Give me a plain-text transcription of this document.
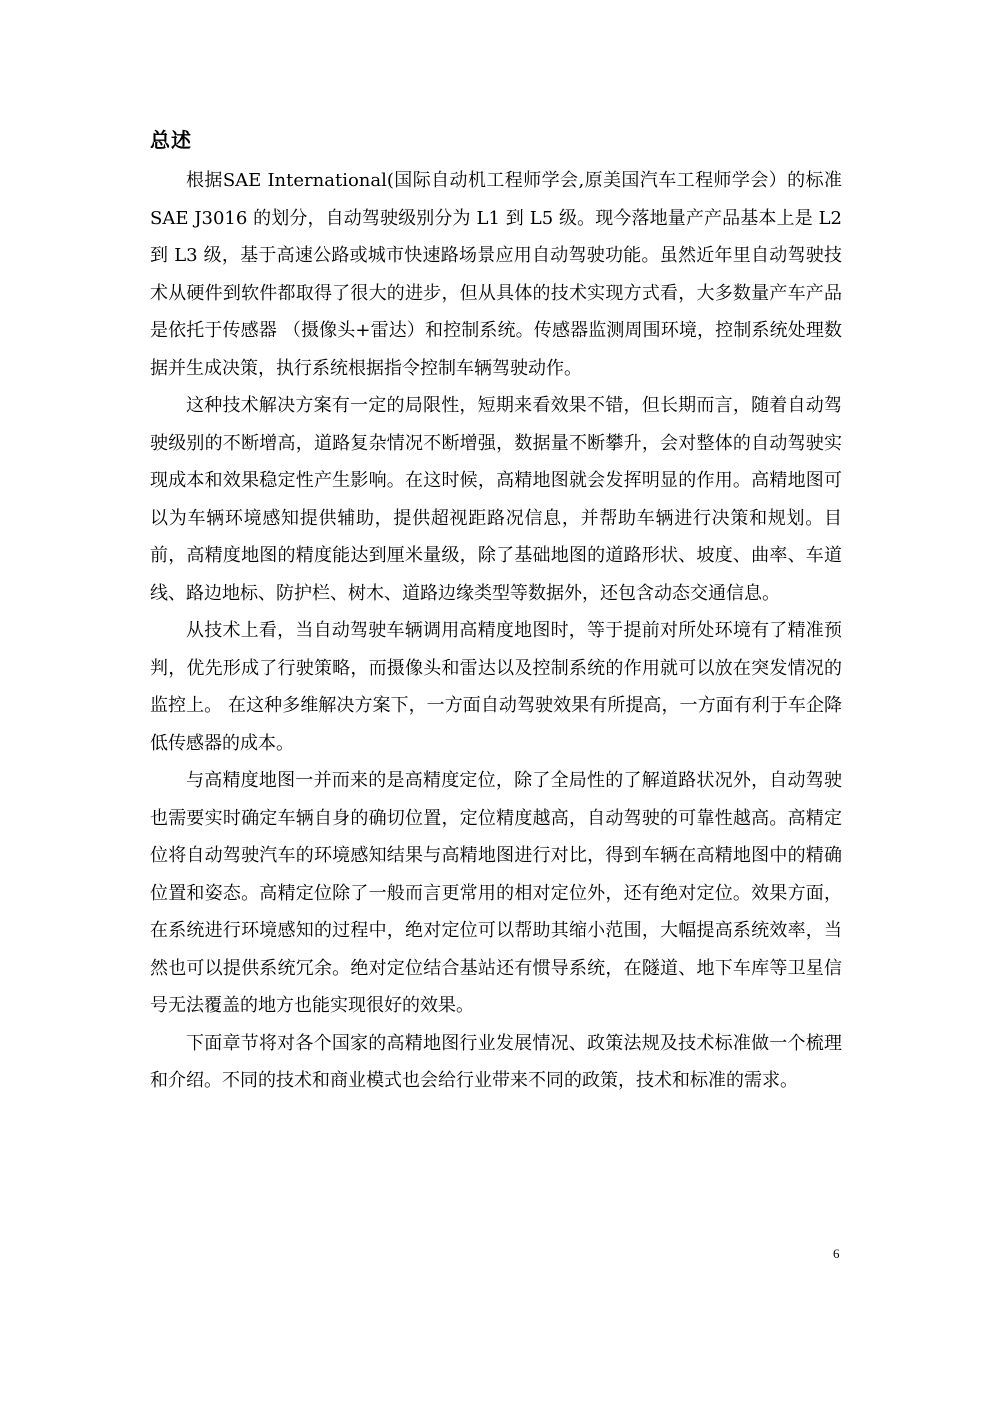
总述

根据SAE International(国际自动机工程师学会,原美国汽车工程师学会）的标准 SAE J3016 的划分，自动驾驶级别分为 L1 到 L5 级。现今落地量产产品基本上是 L2 到 L3 级，基于高速公路或城市快速路场景应用自动驾驶功能。虽然近年里自动驾驶技术从硬件到软件都取得了很大的进步，但从具体的技术实现方式看，大多数量产车产品是依托于传感器 （摄像头+雷达）和控制系统。传感器监测周围环境，控制系统处理数据并生成决策，执行系统根据指令控制车辆驾驶动作。

这种技术解决方案有一定的局限性，短期来看效果不错，但长期而言，随着自动驾驶级别的不断增高，道路复杂情况不断增强，数据量不断攀升，会对整体的自动驾驶实现成本和效果稳定性产生影响。在这时候，高精地图就会发挥明显的作用。高精地图可以为车辆环境感知提供辅助，提供超视距路况信息，并帮助车辆进行决策和规划。目前，高精度地图的精度能达到厘米量级，除了基础地图的道路形状、坡度、曲率、车道线、路边地标、防护栏、树木、道路边缘类型等数据外，还包含动态交通信息。

从技术上看，当自动驾驶车辆调用高精度地图时，等于提前对所处环境有了精准预判，优先形成了行驶策略，而摄像头和雷达以及控制系统的作用就可以放在突发情况的监控上。 在这种多维解决方案下，一方面自动驾驶效果有所提高，一方面有利于车企降低传感器的成本。

与高精度地图一并而来的是高精度定位，除了全局性的了解道路状况外，自动驾驶也需要实时确定车辆自身的确切位置，定位精度越高，自动驾驶的可靠性越高。高精定位将自动驾驶汽车的环境感知结果与高精地图进行对比，得到车辆在高精地图中的精确位置和姿态。高精定位除了一般而言更常用的相对定位外，还有绝对定位。效果方面，在系统进行环境感知的过程中，绝对定位可以帮助其缩小范围，大幅提高系统效率，当然也可以提供系统冗余。绝对定位结合基站还有惯导系统，在隧道、地下车库等卫星信号无法覆盖的地方也能实现很好的效果。

下面章节将对各个国家的高精地图行业发展情况、政策法规及技术标准做一个梳理和介绍。不同的技术和商业模式也会给行业带来不同的政策，技术和标准的需求。

6
